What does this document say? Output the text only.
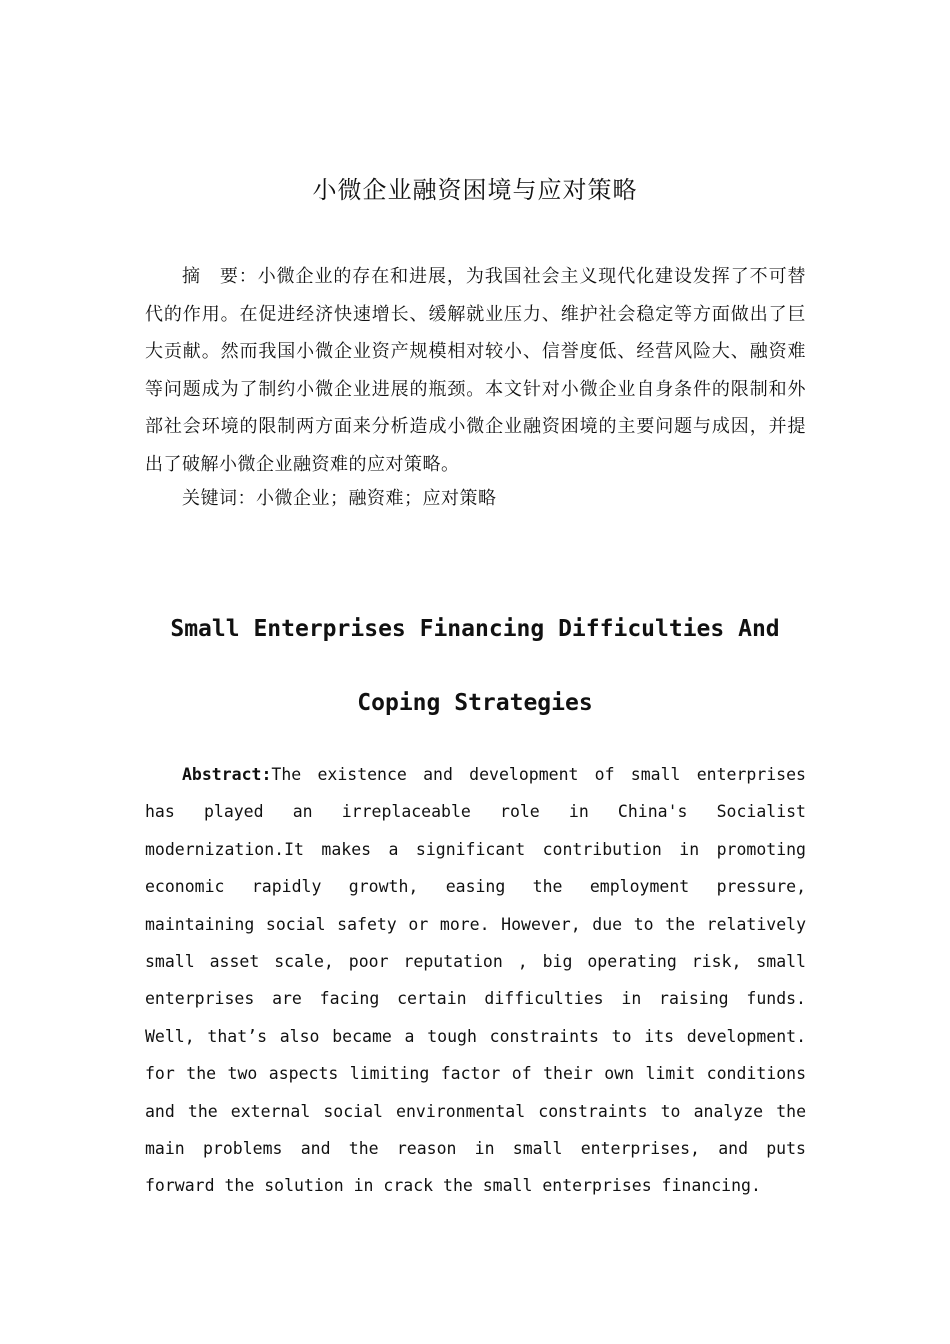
小微企业融资困境与应对策略

摘　要：小微企业的存在和进展，为我国社会主义现代化建设发挥了不可替代的作用。在促进经济快速增长、缓解就业压力、维护社会稳定等方面做出了巨大贡献。然而我国小微企业资产规模相对较小、信誉度低、经营风险大、融资难等问题成为了制约小微企业进展的瓶颈。本文针对小微企业自身条件的限制和外部社会环境的限制两方面来分析造成小微企业融资困境的主要问题与成因，并提出了破解小微企业融资难的应对策略。

关键词：小微企业；融资难；应对策略
Small Enterprises Financing Difficulties And Coping Strategies

Abstract:The existence and development of small enterprises has played an irreplaceable role in China's Socialist modernization.It makes a significant contribution in promoting economic rapidly growth, easing the employment pressure, maintaining social safety or more. However, due to the relatively small asset scale, poor reputation , big operating risk, small enterprises are facing certain difficulties in raising funds. Well, that’s also became a tough constraints to its development. for the two aspects limiting factor of their own limit conditions and the external social environmental constraints to analyze the main problems and the reason in small enterprises, and puts forward the solution in crack the small enterprises financing.
